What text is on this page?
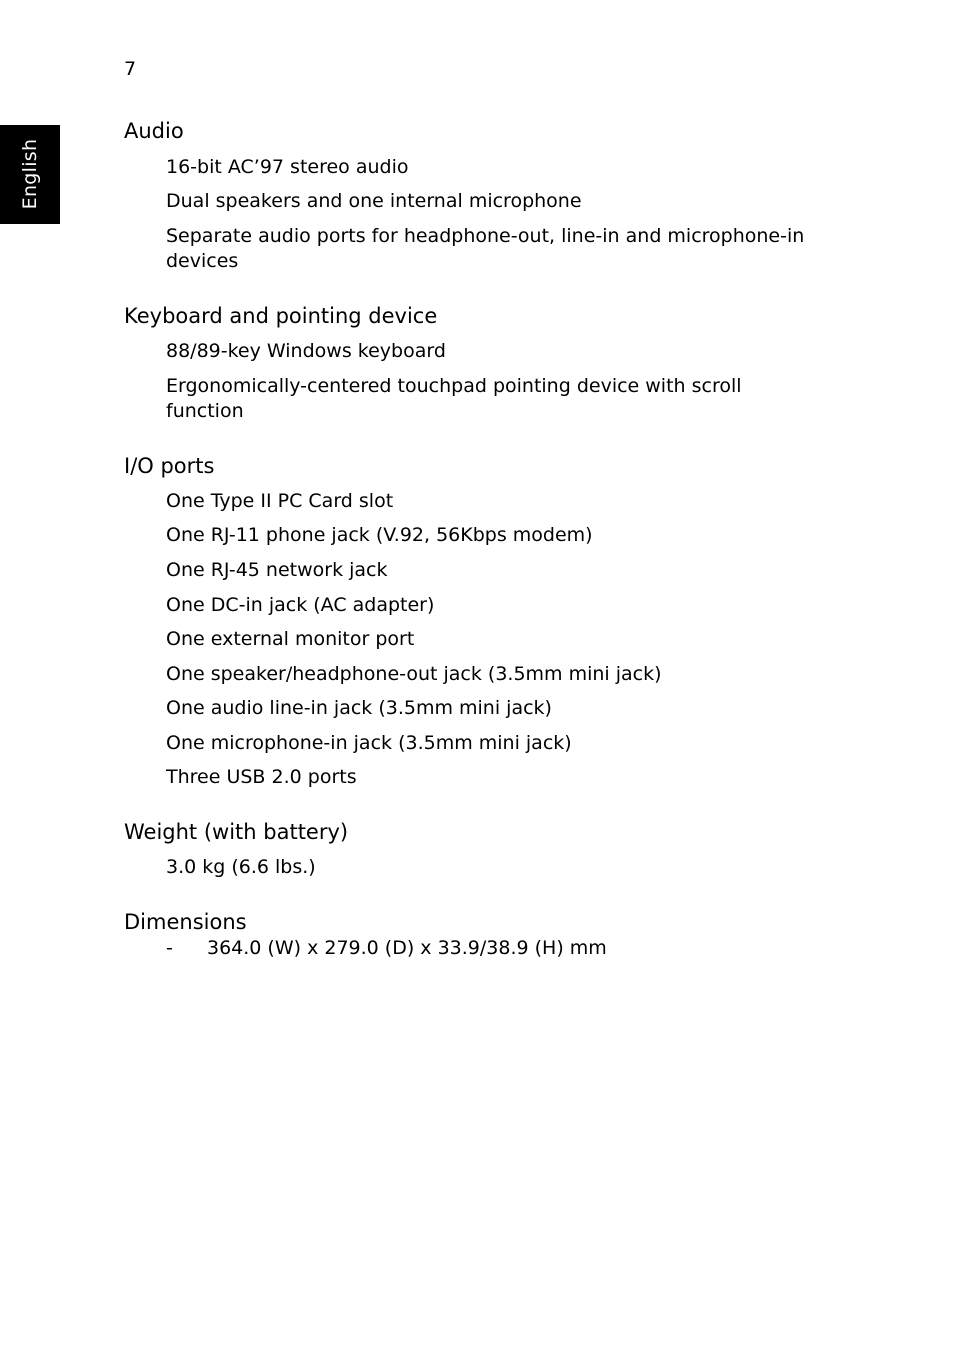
7
English
Audio
16-bit AC’97 stereo audio
Dual speakers and one internal microphone
Separate audio ports for headphone-out, line-in and microphone-in devices
Keyboard and pointing device
88/89-key Windows keyboard
Ergonomically-centered touchpad pointing device with scroll function
I/O ports
One Type II PC Card slot
One RJ-11 phone jack (V.92, 56Kbps modem)
One RJ-45 network jack
One DC-in jack (AC adapter)
One external monitor port
One speaker/headphone-out jack (3.5mm mini jack)
One audio line-in jack (3.5mm mini jack)
One microphone-in jack (3.5mm mini jack)
Three USB 2.0 ports
Weight (with battery)
3.0 kg (6.6 lbs.)
Dimensions
-	364.0 (W) x 279.0 (D) x 33.9/38.9 (H) mm
